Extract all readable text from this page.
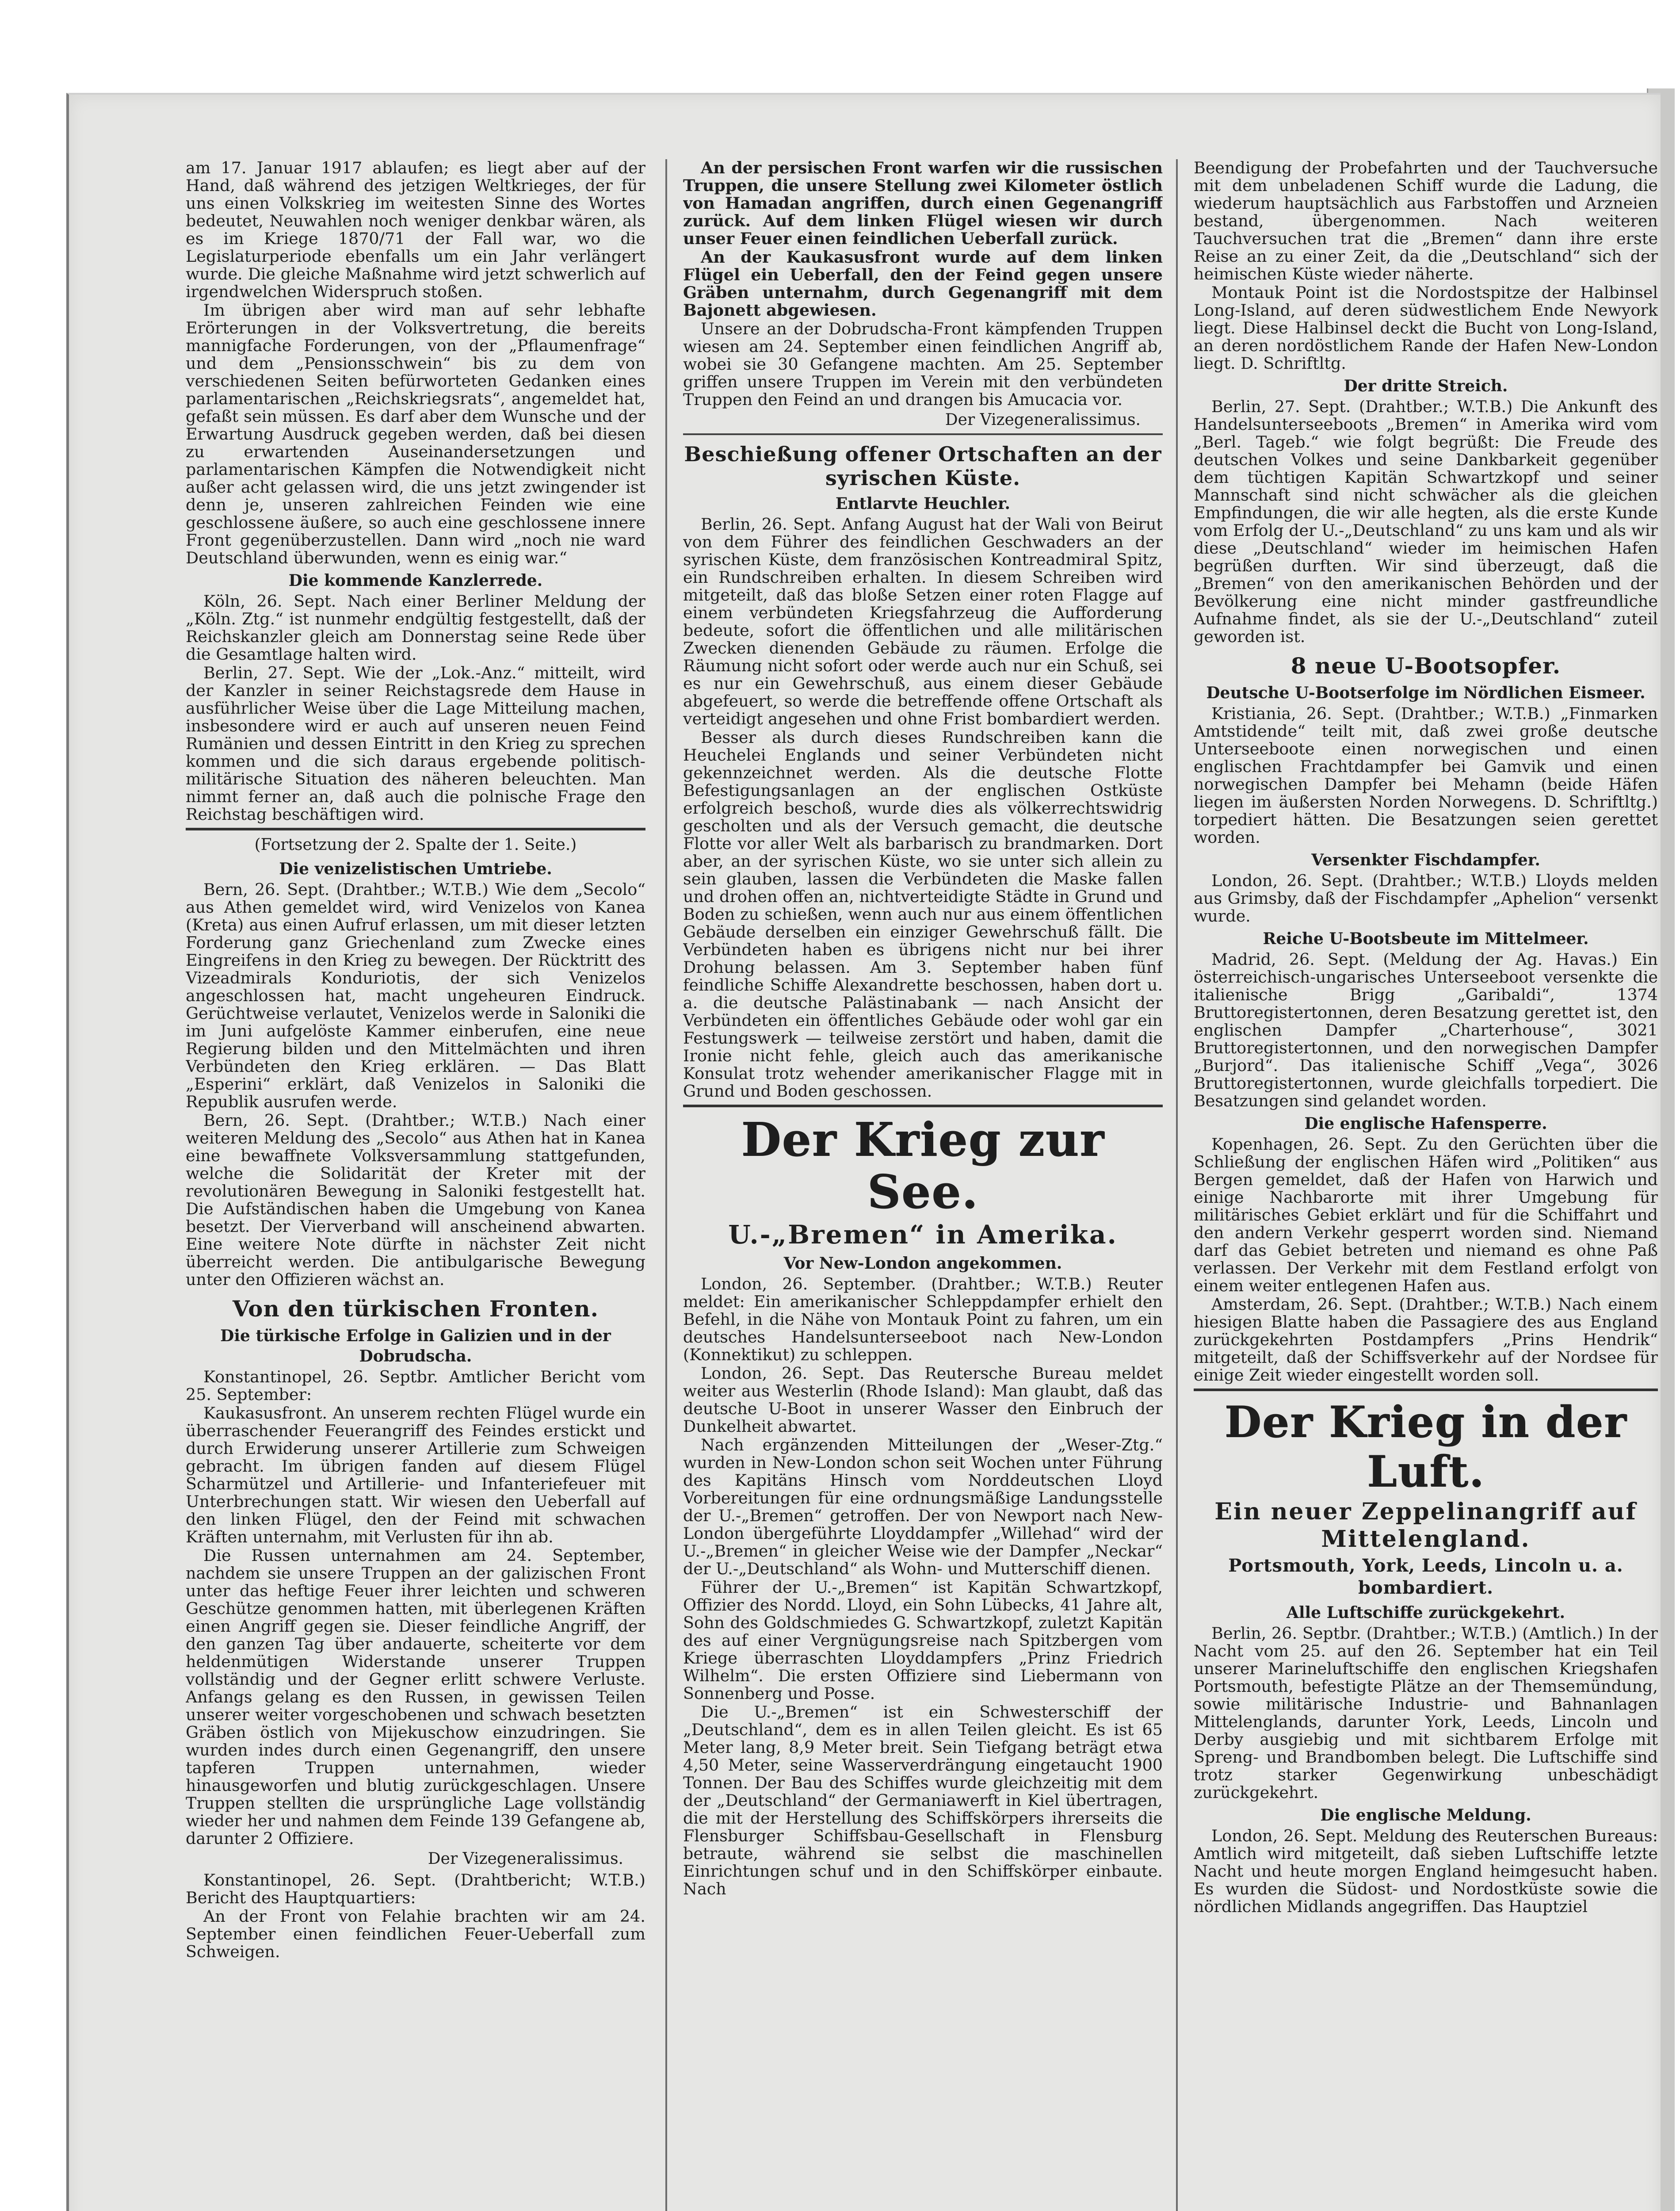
am 17. Januar 1917 ablaufen; es liegt aber auf der Hand, daß während des jetzigen Weltkrieges, der für uns einen Volkskrieg im weitesten Sinne des Wortes bedeutet, Neuwahlen noch weniger denkbar wären, als es im Kriege 1870/71 der Fall war, wo die Legislaturperiode ebenfalls um ein Jahr verlängert wurde. Die gleiche Maßnahme wird jetzt schwerlich auf irgendwelchen Widerspruch stoßen.

Im übrigen aber wird man auf sehr lebhafte Erörterungen in der Volksvertretung, die bereits mannigfache Forderungen, von der „Pflaumenfrage“ und dem „Pensionsschwein“ bis zu dem von verschiedenen Seiten befürworteten Gedanken eines parlamentarischen „Reichskriegsrats“, angemeldet hat, gefaßt sein müssen. Es darf aber dem Wunsche und der Erwartung Ausdruck gegeben werden, daß bei diesen zu erwartenden Auseinandersetzungen und parlamentarischen Kämpfen die Notwendigkeit nicht außer acht gelassen wird, die uns jetzt zwingender ist denn je, unseren zahlreichen Feinden wie eine geschlossene äußere, so auch eine geschlossene innere Front gegenüberzustellen. Dann wird „noch nie ward Deutschland überwunden, wenn es einig war.“

Die kommende Kanzlerrede.

Köln, 26. Sept. Nach einer Berliner Meldung der „Köln. Ztg.“ ist nunmehr endgültig festgestellt, daß der Reichskanzler gleich am Donnerstag seine Rede über die Gesamtlage halten wird.

Berlin, 27. Sept. Wie der „Lok.-Anz.“ mitteilt, wird der Kanzler in seiner Reichstagsrede dem Hause in ausführlicher Weise über die Lage Mitteilung machen, insbesondere wird er auch auf unseren neuen Feind Rumänien und dessen Eintritt in den Krieg zu sprechen kommen und die sich daraus ergebende politisch-militärische Situation des näheren beleuchten. Man nimmt ferner an, daß auch die polnische Frage den Reichstag beschäftigen wird.

(Fortsetzung der 2. Spalte der 1. Seite.)
Die venizelistischen Umtriebe.

Bern, 26. Sept. (Drahtber.; W.T.B.) Wie dem „Secolo“ aus Athen gemeldet wird, wird Venizelos von Kanea (Kreta) aus einen Aufruf erlassen, um mit dieser letzten Forderung ganz Griechenland zum Zwecke eines Eingreifens in den Krieg zu bewegen. Der Rücktritt des Vizeadmirals Konduriotis, der sich Venizelos angeschlossen hat, macht ungeheuren Eindruck. Gerüchtweise verlautet, Venizelos werde in Saloniki die im Juni aufgelöste Kammer einberufen, eine neue Regierung bilden und den Mittelmächten und ihren Verbündeten den Krieg erklären. — Das Blatt „Esperini“ erklärt, daß Venizelos in Saloniki die Republik ausrufen werde.

Bern, 26. Sept. (Drahtber.; W.T.B.) Nach einer weiteren Meldung des „Secolo“ aus Athen hat in Kanea eine bewaffnete Volksversammlung stattgefunden, welche die Solidarität der Kreter mit der revolutionären Bewegung in Saloniki festgestellt hat. Die Aufständischen haben die Umgebung von Kanea besetzt. Der Vierverband will anscheinend abwarten. Eine weitere Note dürfte in nächster Zeit nicht überreicht werden. Die antibulgarische Bewegung unter den Offizieren wächst an.

Von den türkischen Fronten.
Die türkische Erfolge in Galizien und in der Dobrudscha.

Konstantinopel, 26. Septbr. Amtlicher Bericht vom 25. September:

Kaukasusfront. An unserem rechten Flügel wurde ein überraschender Feuerangriff des Feindes erstickt und durch Erwiderung unserer Artillerie zum Schweigen gebracht. Im übrigen fanden auf diesem Flügel Scharmützel und Artillerie- und Infanteriefeuer mit Unterbrechungen statt. Wir wiesen den Ueberfall auf den linken Flügel, den der Feind mit schwachen Kräften unternahm, mit Verlusten für ihn ab.

Die Russen unternahmen am 24. September, nachdem sie unsere Truppen an der galizischen Front unter das heftige Feuer ihrer leichten und schweren Geschütze genommen hatten, mit überlegenen Kräften einen Angriff gegen sie. Dieser feindliche Angriff, der den ganzen Tag über andauerte, scheiterte vor dem heldenmütigen Widerstande unserer Truppen vollständig und der Gegner erlitt schwere Verluste. Anfangs gelang es den Russen, in gewissen Teilen unserer weiter vorgeschobenen und schwach besetzten Gräben östlich von Mijekuschow einzudringen. Sie wurden indes durch einen Gegenangriff, den unsere tapferen Truppen unternahmen, wieder hinausgeworfen und blutig zurückgeschlagen. Unsere Truppen stellten die ursprüngliche Lage vollständig wieder her und nahmen dem Feinde 139 Gefangene ab, darunter 2 Offiziere.

Der Vizegeneralissimus.

Konstantinopel, 26. Sept. (Drahtbericht; W.T.B.) Bericht des Hauptquartiers:

An der Front von Felahie brachten wir am 24. September einen feindlichen Feuer-Ueberfall zum Schweigen.

An der persischen Front warfen wir die russischen Truppen, die unsere Stellung zwei Kilometer östlich von Hamadan angriffen, durch einen Gegenangriff zurück. Auf dem linken Flügel wiesen wir durch unser Feuer einen feindlichen Ueberfall zurück.

An der Kaukasusfront wurde auf dem linken Flügel ein Ueberfall, den der Feind gegen unsere Gräben unternahm, durch Gegenangriff mit dem Bajonett abgewiesen.

Unsere an der Dobrudscha-Front kämpfenden Truppen wiesen am 24. September einen feindlichen Angriff ab, wobei sie 30 Gefangene machten. Am 25. September griffen unsere Truppen im Verein mit den verbündeten Truppen den Feind an und drangen bis Amucacia vor.

Der Vizegeneralissimus.
Beschießung offener Ortschaften an der syrischen Küste.
Entlarvte Heuchler.

Berlin, 26. Sept. Anfang August hat der Wali von Beirut von dem Führer des feindlichen Geschwaders an der syrischen Küste, dem französischen Kontreadmiral Spitz, ein Rundschreiben erhalten. In diesem Schreiben wird mitgeteilt, daß das bloße Setzen einer roten Flagge auf einem verbündeten Kriegsfahrzeug die Aufforderung bedeute, sofort die öffentlichen und alle militärischen Zwecken dienenden Gebäude zu räumen. Erfolge die Räumung nicht sofort oder werde auch nur ein Schuß, sei es nur ein Gewehrschuß, aus einem dieser Gebäude abgefeuert, so werde die betreffende offene Ortschaft als verteidigt angesehen und ohne Frist bombardiert werden.

Besser als durch dieses Rundschreiben kann die Heuchelei Englands und seiner Verbündeten nicht gekennzeichnet werden. Als die deutsche Flotte Befestigungsanlagen an der englischen Ostküste erfolgreich beschoß, wurde dies als völkerrechtswidrig gescholten und als der Versuch gemacht, die deutsche Flotte vor aller Welt als barbarisch zu brandmarken. Dort aber, an der syrischen Küste, wo sie unter sich allein zu sein glauben, lassen die Verbündeten die Maske fallen und drohen offen an, nichtverteidigte Städte in Grund und Boden zu schießen, wenn auch nur aus einem öffentlichen Gebäude derselben ein einziger Gewehrschuß fällt. Die Verbündeten haben es übrigens nicht nur bei ihrer Drohung belassen. Am 3. September haben fünf feindliche Schiffe Alexandrette beschossen, haben dort u. a. die deutsche Palästinabank — nach Ansicht der Verbündeten ein öffentliches Gebäude oder wohl gar ein Festungswerk — teilweise zerstört und haben, damit die Ironie nicht fehle, gleich auch das amerikanische Konsulat trotz wehender amerikanischer Flagge mit in Grund und Boden geschossen.

Der Krieg zur See.
U.-„Bremen“ in Amerika.
Vor New-London angekommen.

London, 26. September. (Drahtber.; W.T.B.) Reuter meldet: Ein amerikanischer Schleppdampfer erhielt den Befehl, in die Nähe von Montauk Point zu fahren, um ein deutsches Handelsunterseeboot nach New-London (Konnektikut) zu schleppen.

London, 26. Sept. Das Reutersche Bureau meldet weiter aus Westerlin (Rhode Island): Man glaubt, daß das deutsche U-Boot in unserer Wasser den Einbruch der Dunkelheit abwartet.

Nach ergänzenden Mitteilungen der „Weser-Ztg.“ wurden in New-London schon seit Wochen unter Führung des Kapitäns Hinsch vom Norddeutschen Lloyd Vorbereitungen für eine ordnungsmäßige Landungsstelle der U.-„Bremen“ getroffen. Der von Newport nach New-London übergeführte Lloyddampfer „Willehad“ wird der U.-„Bremen“ in gleicher Weise wie der Dampfer „Neckar“ der U.-„Deutschland“ als Wohn- und Mutterschiff dienen.

Führer der U.-„Bremen“ ist Kapitän Schwartzkopf, Offizier des Nordd. Lloyd, ein Sohn Lübecks, 41 Jahre alt, Sohn des Goldschmiedes G. Schwartzkopf, zuletzt Kapitän des auf einer Vergnügungsreise nach Spitzbergen vom Kriege überraschten Lloyddampfers „Prinz Friedrich Wilhelm“. Die ersten Offiziere sind Liebermann von Sonnenberg und Posse.

Die U.-„Bremen“ ist ein Schwesterschiff der „Deutschland“, dem es in allen Teilen gleicht. Es ist 65 Meter lang, 8,9 Meter breit. Sein Tiefgang beträgt etwa 4,50 Meter, seine Wasserverdrängung eingetaucht 1900 Tonnen. Der Bau des Schiffes wurde gleichzeitig mit dem der „Deutschland“ der Germaniawerft in Kiel übertragen, die mit der Herstellung des Schiffskörpers ihrerseits die Flensburger Schiffsbau-Gesellschaft in Flensburg betraute, während sie selbst die maschinellen Einrichtungen schuf und in den Schiffskörper einbaute. Nach

Beendigung der Probefahrten und der Tauchversuche mit dem unbeladenen Schiff wurde die Ladung, die wiederum hauptsächlich aus Farbstoffen und Arzneien bestand, übergenommen. Nach weiteren Tauchversuchen trat die „Bremen“ dann ihre erste Reise an zu einer Zeit, da die „Deutschland“ sich der heimischen Küste wieder näherte.

Montauk Point ist die Nordostspitze der Halbinsel Long-Island, auf deren südwestlichem Ende Newyork liegt. Diese Halbinsel deckt die Bucht von Long-Island, an deren nordöstlichem Rande der Hafen New-London liegt. D. Schriftltg.

Der dritte Streich.

Berlin, 27. Sept. (Drahtber.; W.T.B.) Die Ankunft des Handelsunterseeboots „Bremen“ in Amerika wird vom „Berl. Tageb.“ wie folgt begrüßt: Die Freude des deutschen Volkes und seine Dankbarkeit gegenüber dem tüchtigen Kapitän Schwartzkopf und seiner Mannschaft sind nicht schwächer als die gleichen Empfindungen, die wir alle hegten, als die erste Kunde vom Erfolg der U.-„Deutschland“ zu uns kam und als wir diese „Deutschland“ wieder im heimischen Hafen begrüßen durften. Wir sind überzeugt, daß die „Bremen“ von den amerikanischen Behörden und der Bevölkerung eine nicht minder gastfreundliche Aufnahme findet, als sie der U.-„Deutschland“ zuteil geworden ist.

8 neue U-Bootsopfer.
Deutsche U-Bootserfolge im Nördlichen Eismeer.

Kristiania, 26. Sept. (Drahtber.; W.T.B.) „Finmarken Amtstidende“ teilt mit, daß zwei große deutsche Unterseeboote einen norwegischen und einen englischen Frachtdampfer bei Gamvik und einen norwegischen Dampfer bei Mehamn (beide Häfen liegen im äußersten Norden Norwegens. D. Schriftltg.) torpediert hätten. Die Besatzungen seien gerettet worden.

Versenkter Fischdampfer.

London, 26. Sept. (Drahtber.; W.T.B.) Lloyds melden aus Grimsby, daß der Fischdampfer „Aphelion“ versenkt wurde.

Reiche U-Bootsbeute im Mittelmeer.

Madrid, 26. Sept. (Meldung der Ag. Havas.) Ein österreichisch-ungarisches Unterseeboot versenkte die italienische Brigg „Garibaldi“, 1374 Bruttoregistertonnen, deren Besatzung gerettet ist, den englischen Dampfer „Charterhouse“, 3021 Bruttoregistertonnen, und den norwegischen Dampfer „Burjord“. Das italienische Schiff „Vega“, 3026 Bruttoregistertonnen, wurde gleichfalls torpediert. Die Besatzungen sind gelandet worden.

Die englische Hafensperre.

Kopenhagen, 26. Sept. Zu den Gerüchten über die Schließung der englischen Häfen wird „Politiken“ aus Bergen gemeldet, daß der Hafen von Harwich und einige Nachbarorte mit ihrer Umgebung für militärisches Gebiet erklärt und für die Schiffahrt und den andern Verkehr gesperrt worden sind. Niemand darf das Gebiet betreten und niemand es ohne Paß verlassen. Der Verkehr mit dem Festland erfolgt von einem weiter entlegenen Hafen aus.

Amsterdam, 26. Sept. (Drahtber.; W.T.B.) Nach einem hiesigen Blatte haben die Passagiere des aus England zurückgekehrten Postdampfers „Prins Hendrik“ mitgeteilt, daß der Schiffsverkehr auf der Nordsee für einige Zeit wieder eingestellt worden soll.

Der Krieg in der Luft.
Ein neuer Zeppelinangriff auf Mittelengland.
Portsmouth, York, Leeds, Lincoln u. a. bombardiert.
Alle Luftschiffe zurückgekehrt.

Berlin, 26. Septbr. (Drahtber.; W.T.B.) (Amtlich.) In der Nacht vom 25. auf den 26. September hat ein Teil unserer Marineluftschiffe den englischen Kriegshafen Portsmouth, befestigte Plätze an der Themsemündung, sowie militärische Industrie- und Bahnanlagen Mittelenglands, darunter York, Leeds, Lincoln und Derby ausgiebig und mit sichtbarem Erfolge mit Spreng- und Brandbomben belegt. Die Luftschiffe sind trotz starker Gegenwirkung unbeschädigt zurückgekehrt.

Die englische Meldung.

London, 26. Sept. Meldung des Reuterschen Bureaus: Amtlich wird mitgeteilt, daß sieben Luftschiffe letzte Nacht und heute morgen England heimgesucht haben. Es wurden die Südost- und Nordostküste sowie die nördlichen Midlands angegriffen. Das Hauptziel
